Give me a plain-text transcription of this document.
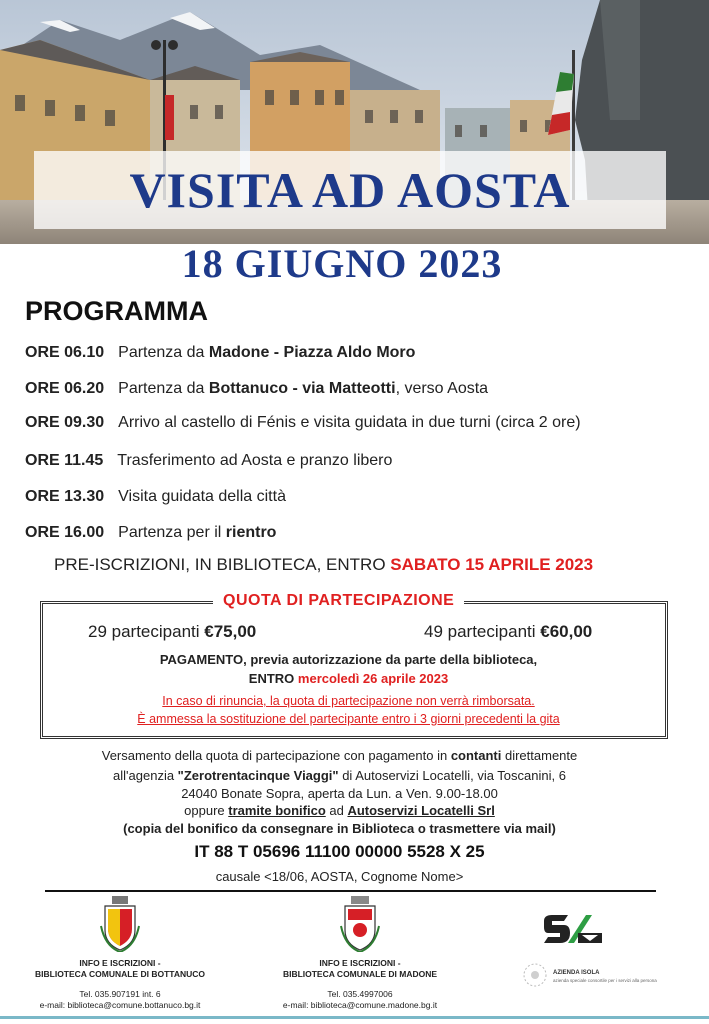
VISITA AD AOSTA
18 GIUGNO 2023
PROGRAMMA
ORE 06.10 Partenza da Madone - Piazza Aldo Moro
ORE 06.20 Partenza da Bottanuco - via Matteotti, verso Aosta
ORE 09.30 Arrivo al castello di Fénis e visita guidata in due turni (circa 2 ore)
ORE 11.45 Trasferimento ad Aosta e pranzo libero
ORE 13.30 Visita guidata della città
ORE 16.00 Partenza per il rientro
PRE-ISCRIZIONI, IN BIBLIOTECA, ENTRO SABATO 15 APRILE 2023
QUOTA DI PARTECIPAZIONE
29 partecipanti €75,00	49 partecipanti €60,00
PAGAMENTO, previa autorizzazione da parte della biblioteca,
ENTRO mercoledì 26 aprile 2023
In caso di rinuncia, la quota di partecipazione non verrà rimborsata.
È ammessa la sostituzione del partecipante entro i 3 giorni precedenti la gita
Versamento della quota di partecipazione con pagamento in contanti direttamente
all'agenzia "Zerotrentacinque Viaggi" di Autoservizi Locatelli, via Toscanini, 6
24040 Bonate Sopra, aperta da Lun. a Ven. 9.00-18.00
oppure tramite bonifico ad Autoservizi Locatelli Srl
(copia del bonifico da consegnare in Biblioteca o trasmettere via mail)
IT 88 T 05696 11100 00000 5528 X 25
causale <18/06, AOSTA, Cognome Nome>
INFO E ISCRIZIONI -
BIBLIOTECA COMUNALE DI BOTTANUCO
Tel. 035.907191 int. 6
e-mail: biblioteca@comune.bottanuco.bg.it
INFO E ISCRIZIONI -
BIBLIOTECA COMUNALE DI MADONE
Tel. 035.4997006
e-mail: biblioteca@comune.madone.bg.it
AZIENDA ISOLA
azienda speciale consortile per i servizi alla persona
